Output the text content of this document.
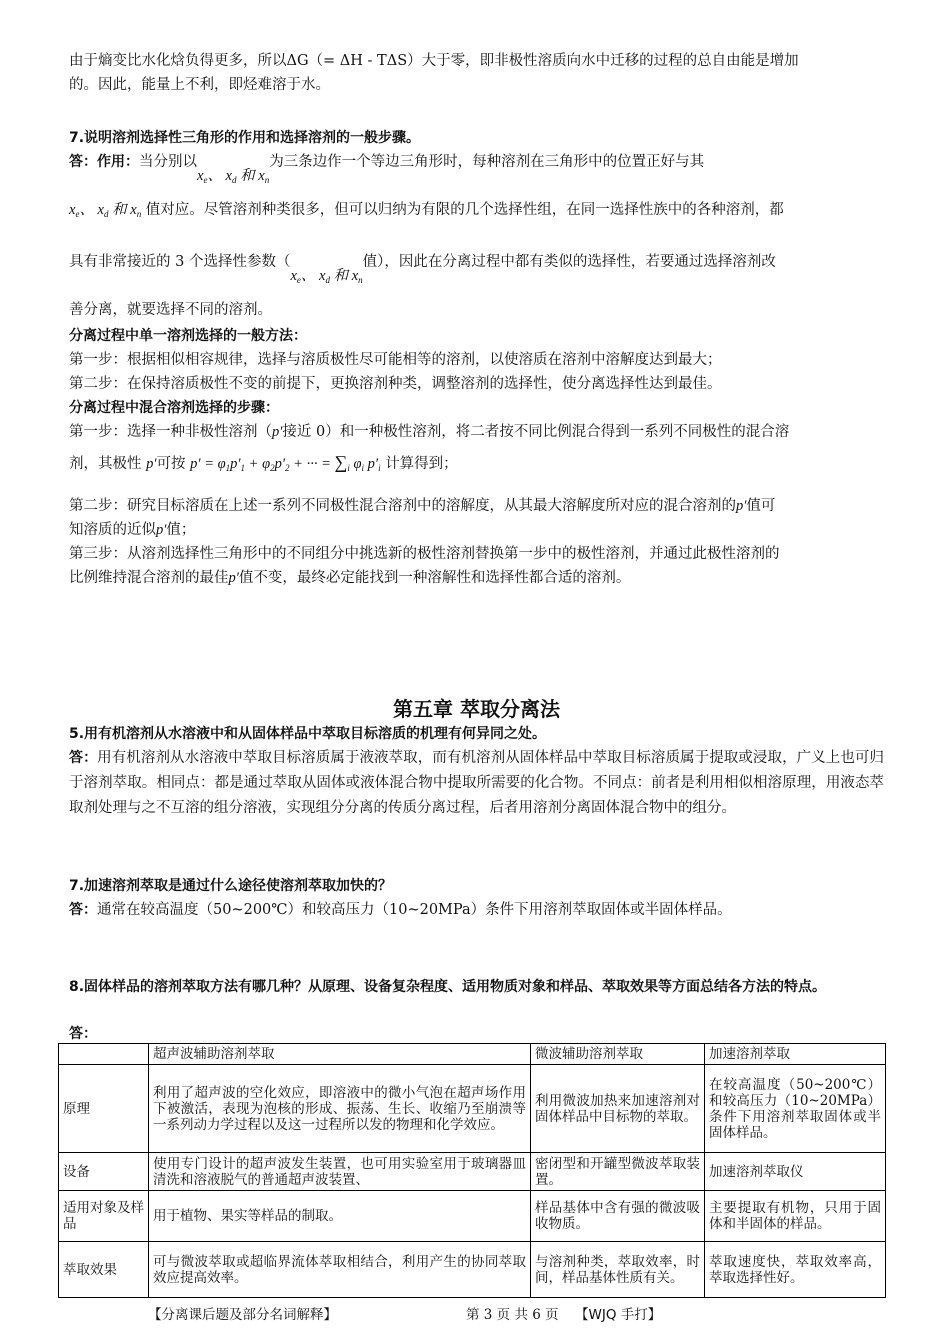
由于熵变比水化焓负得更多，所以ΔG（= ΔH - TΔS）大于零，即非极性溶质向水中迁移的过程的总自由能是增加

的。因此，能量上不利，即烃难溶于水。

7.说明溶剂选择性三角形的作用和选择溶剂的一般步骤。

答：作用：当分别以$x_e$、 $x_d$ 和 $x_n$为三条边作一个等边三角形时，每种溶剂在三角形中的位置正好与其

$x_e$、 $x_d$ 和 $x_n$ 值对应。尽管溶剂种类很多，但可以归纳为有限的几个选择性组，在同一选择性族中的各种溶剂，都

具有非常接近的 3 个选择性参数（$x_e$、 $x_d$ 和 $x_n$值），因此在分离过程中都有类似的选择性，若要通过选择溶剂改

善分离，就要选择不同的溶剂。

分离过程中单一溶剂选择的一般方法：

第一步：根据相似相容规律，选择与溶质极性尽可能相等的溶剂，以使溶质在溶剂中溶解度达到最大；

第二步：在保持溶质极性不变的前提下，更换溶剂种类，调整溶剂的选择性，使分离选择性达到最佳。

分离过程中混合溶剂选择的步骤：

第一步：选择一种非极性溶剂（p′接近 0）和一种极性溶剂，将二者按不同比例混合得到一系列不同极性的混合溶

剂，其极性 p′可按 $p' = \varphi_1p'_1 + \varphi_2p'_2$ + ··· = $\sum_i$ $\varphi_i$ $p'_i$ 计算得到；

第二步：研究目标溶质在上述一系列不同极性混合溶剂中的溶解度，从其最大溶解度所对应的混合溶剂的p′值可

知溶质的近似p′值；

第三步：从溶剂选择性三角形中的不同组分中挑选新的极性溶剂替换第一步中的极性溶剂，并通过此极性溶剂的

比例维持混合溶剂的最佳p′值不变，最终必定能找到一种溶解性和选择性都合适的溶剂。

第五章 萃取分离法

5.用有机溶剂从水溶液中和从固体样品中萃取目标溶质的机理有何异同之处。

答：用有机溶剂从水溶液中萃取目标溶质属于液液萃取，而有机溶剂从固体样品中萃取目标溶质属于提取或浸取，广义上也可归于溶剂萃取。相同点：都是通过萃取从固体或液体混合物中提取所需要的化合物。不同点：前者是利用相似相溶原理，用液态萃取剂处理与之不互溶的组分溶液，实现组分分离的传质分离过程，后者用溶剂分离固体混合物中的组分。

7.加速溶剂萃取是通过什么途径使溶剂萃取加快的？

答：通常在较高温度（50~200℃）和较高压力（10~20MPa）条件下用溶剂萃取固体或半固体样品。

8.固体样品的溶剂萃取方法有哪几种？从原理、设备复杂程度、适用物质对象和样品、萃取效果等方面总结各方法的特点。

答：

	超声波辅助溶剂萃取	微波辅助溶剂萃取	加速溶剂萃取
原理	利用了超声波的空化效应，即溶液中的微小气泡在超声场作用下被激活，表现为泡核的形成、振荡、生长、收缩乃至崩溃等一系列动力学过程以及这一过程所以发的物理和化学效应。	利用微波加热来加速溶剂对固体样品中目标物的萃取。	在较高温度（50~200℃）和较高压力（10~20MPa）条件下用溶剂萃取固体或半固体样品。
设备	使用专门设计的超声波发生装置，也可用实验室用于玻璃器皿清洗和溶液脱气的普通超声波装置、	密闭型和开罐型微波萃取装置。	加速溶剂萃取仪
适用对象及样品	用于植物、果实等样品的制取。	样品基体中含有强的微波吸收物质。	主要提取有机物，只用于固体和半固体的样品。
萃取效果	可与微波萃取或超临界流体萃取相结合，利用产生的协同萃取效应提高效率。	与溶剂种类，萃取效率，时间，样品基体性质有关。	萃取速度快，萃取效率高，萃取选择性好。
【分离课后题及部分名词解释】	第 3 页 共 6 页 【WJQ 手打】
